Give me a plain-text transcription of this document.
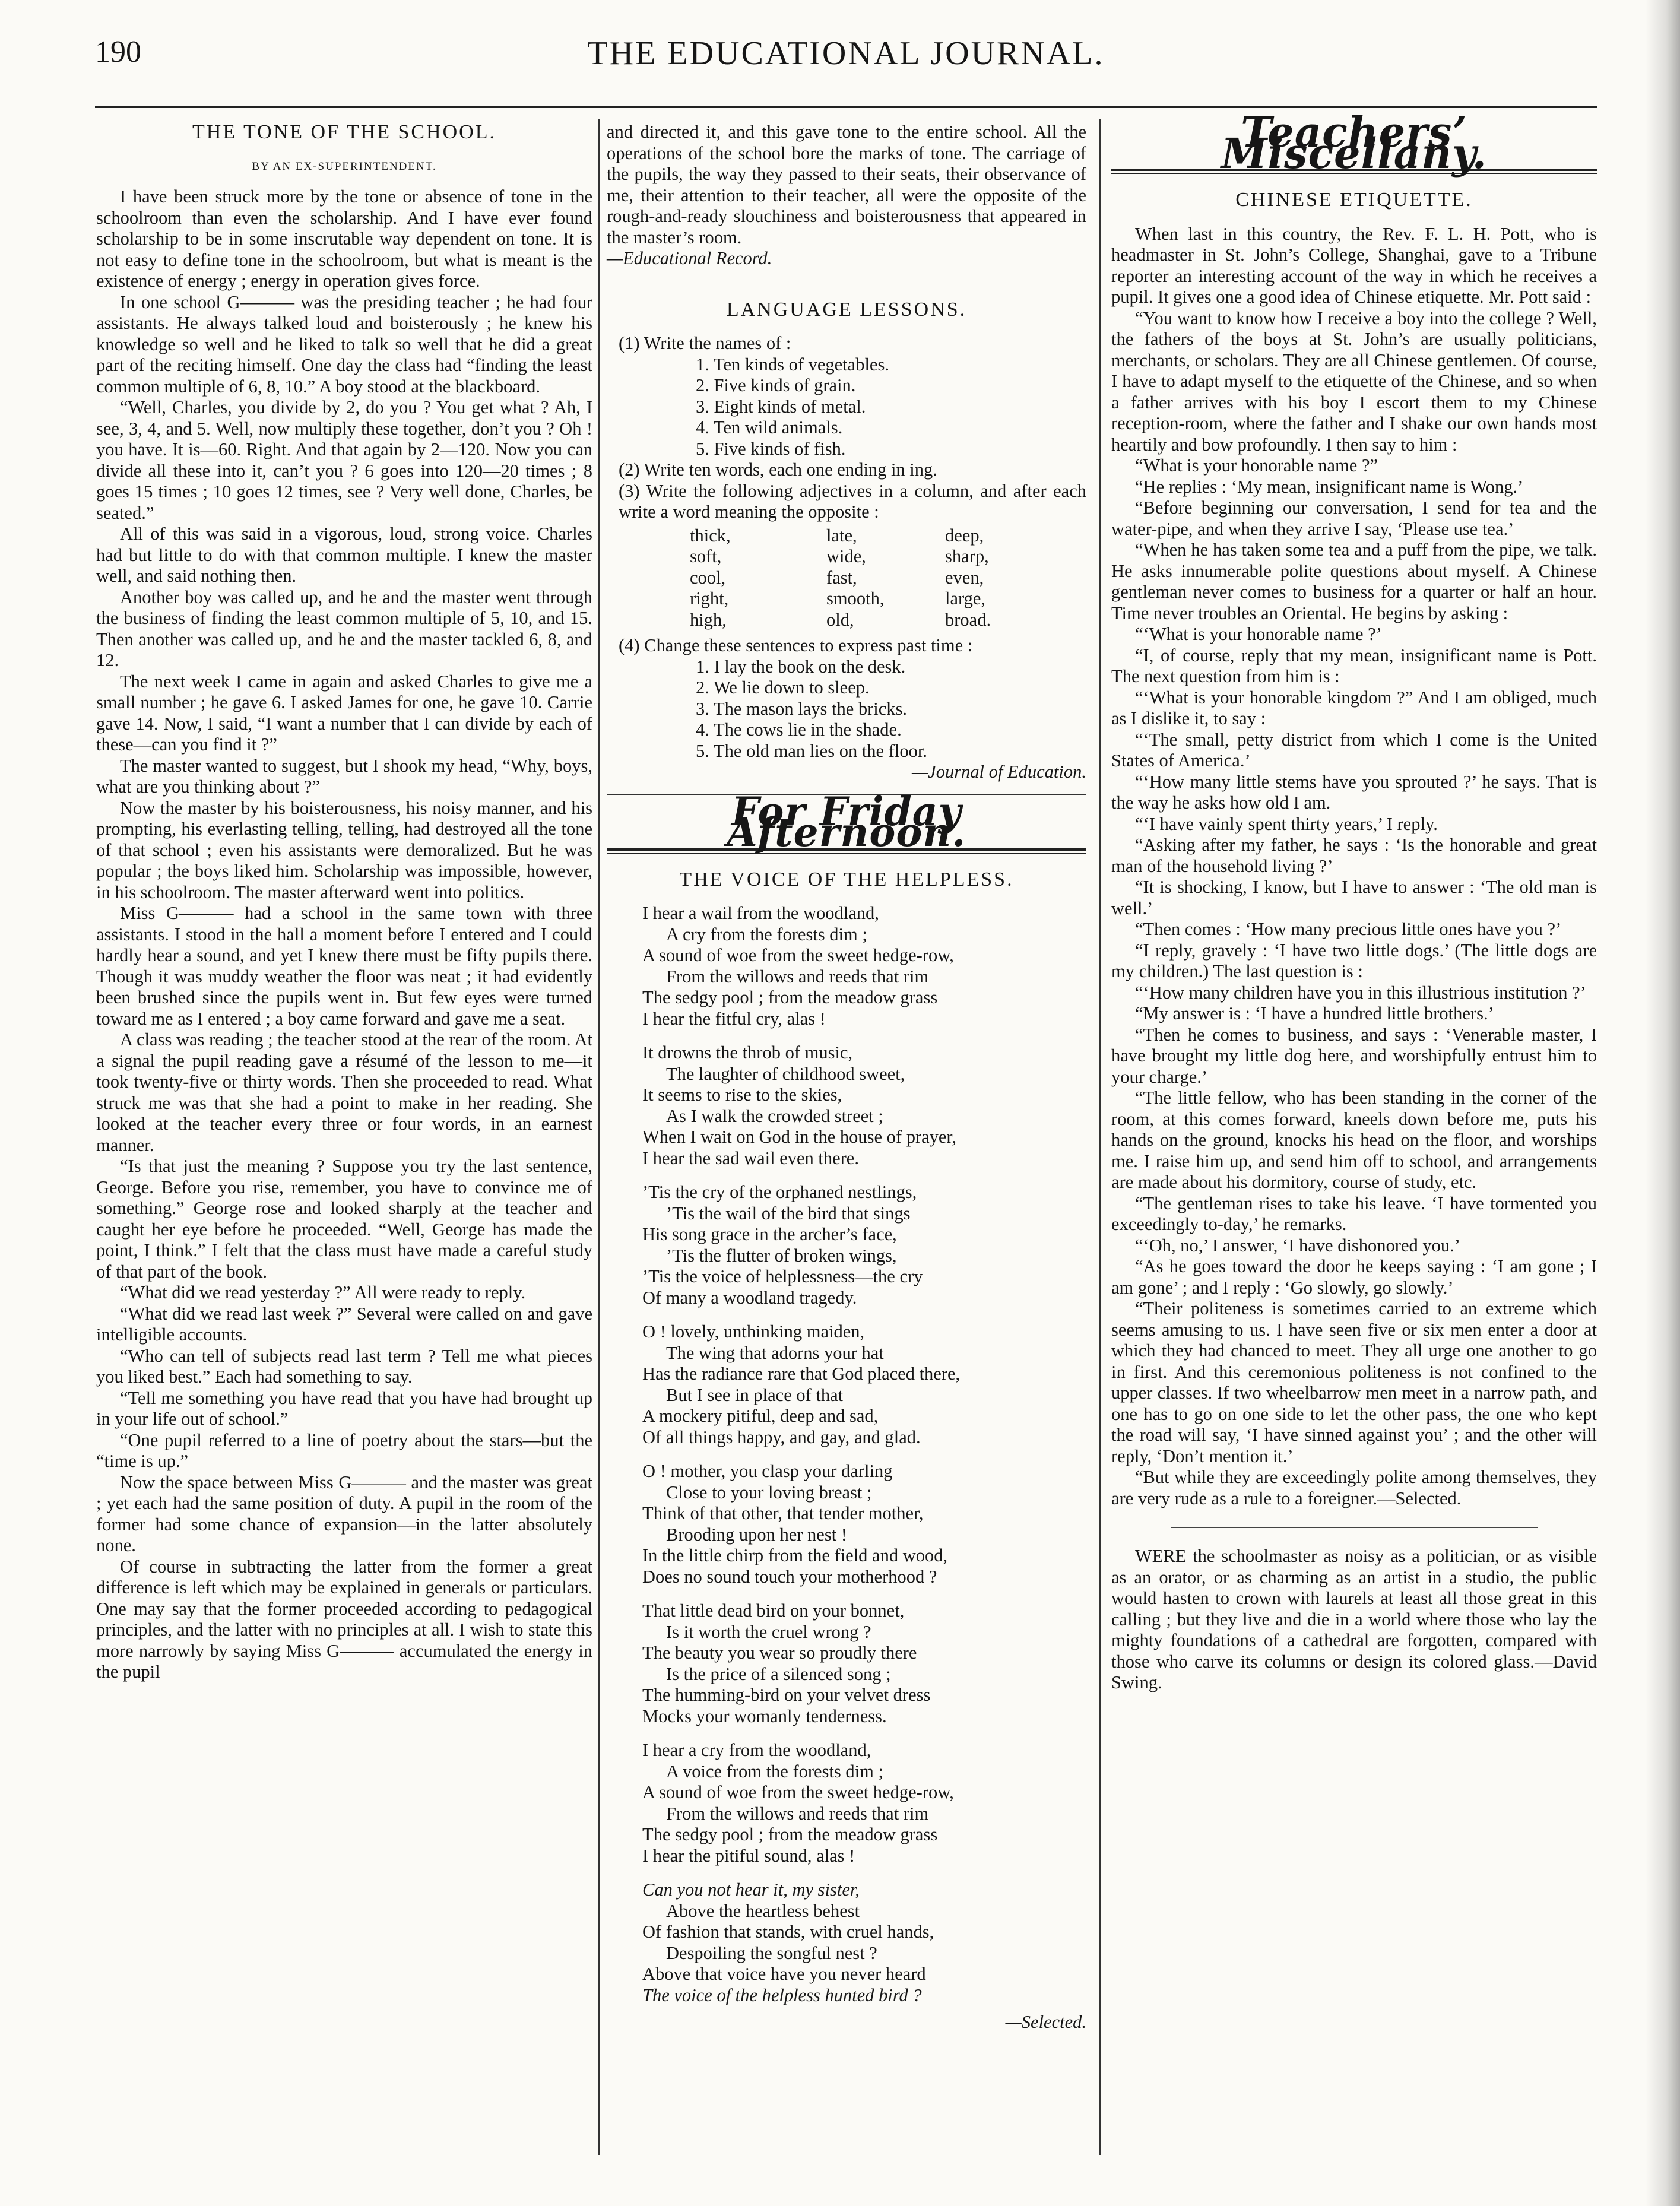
190	THE EDUCATIONAL JOURNAL.
THE TONE OF THE SCHOOL.
BY AN EX-SUPERINTENDENT.

I have been struck more by the tone or absence of tone in the schoolroom than even the scholarship. And I have ever found scholarship to be in some inscrutable way dependent on tone. It is not easy to define tone in the schoolroom, but what is meant is the existence of energy ; energy in operation gives force.

In one school G——— was the presiding teacher ; he had four assistants. He always talked loud and boisterously ; he knew his knowledge so well and he liked to talk so well that he did a great part of the reciting himself. One day the class had “finding the least common multiple of 6, 8, 10.” A boy stood at the blackboard.

“Well, Charles, you divide by 2, do you ? You get what ? Ah, I see, 3, 4, and 5. Well, now multiply these together, don’t you ? Oh ! you have. It is—60. Right. And that again by 2—120. Now you can divide all these into it, can’t you ? 6 goes into 120—20 times ; 8 goes 15 times ; 10 goes 12 times, see ? Very well done, Charles, be seated.”

All of this was said in a vigorous, loud, strong voice. Charles had but little to do with that common multiple. I knew the master well, and said nothing then.

Another boy was called up, and he and the master went through the business of finding the least common multiple of 5, 10, and 15. Then another was called up, and he and the master tackled 6, 8, and 12.

The next week I came in again and asked Charles to give me a small number ; he gave 6. I asked James for one, he gave 10. Carrie gave 14. Now, I said, “I want a number that I can divide by each of these—can you find it ?”

The master wanted to suggest, but I shook my head, “Why, boys, what are you thinking about ?”

Now the master by his boisterousness, his noisy manner, and his prompting, his everlasting telling, telling, had destroyed all the tone of that school ; even his assistants were demoralized. But he was popular ; the boys liked him. Scholarship was impossible, however, in his schoolroom. The master afterward went into politics.

Miss G——— had a school in the same town with three assistants. I stood in the hall a moment before I entered and I could hardly hear a sound, and yet I knew there must be fifty pupils there. Though it was muddy weather the floor was neat ; it had evidently been brushed since the pupils went in. But few eyes were turned toward me as I entered ; a boy came forward and gave me a seat.

A class was reading ; the teacher stood at the rear of the room. At a signal the pupil reading gave a résumé of the lesson to me—it took twenty-five or thirty words. Then she proceeded to read. What struck me was that she had a point to make in her reading. She looked at the teacher every three or four words, in an earnest manner.

“Is that just the meaning ? Suppose you try the last sentence, George. Before you rise, remember, you have to convince me of something.” George rose and looked sharply at the teacher and caught her eye before he proceeded. “Well, George has made the point, I think.” I felt that the class must have made a careful study of that part of the book.

“What did we read yesterday ?” All were ready to reply.

“What did we read last week ?” Several were called on and gave intelligible accounts.

“Who can tell of subjects read last term ? Tell me what pieces you liked best.” Each had something to say.

“Tell me something you have read that you have had brought up in your life out of school.”

“One pupil referred to a line of poetry about the stars—but the “time is up.”

Now the space between Miss G——— and the master was great ; yet each had the same position of duty. A pupil in the room of the former had some chance of expansion—in the latter absolutely none.

Of course in subtracting the latter from the former a great difference is left which may be explained in generals or particulars. One may say that the former proceeded according to pedagogical principles, and the latter with no principles at all. I wish to state this more narrowly by saying Miss G——— accumulated the energy in the pupil

and directed it, and this gave tone to the entire school. All the operations of the school bore the marks of tone. The carriage of the pupils, the way they passed to their seats, their observance of me, their attention to their teacher, all were the opposite of the rough-and-ready slouchiness and boisterousness that appeared in the master’s room.

—Educational Record.

LANGUAGE LESSONS.

(1) Write the names of :

1. Ten kinds of vegetables.
2. Five kinds of grain.
3. Eight kinds of metal.
4. Ten wild animals.
5. Five kinds of fish.

(2) Write ten words, each one ending in ing.

(3) Write the following adjectives in a column, and after each write a word meaning the opposite :

thick,	late,	deep,
soft,	wide,	sharp,
cool,	fast,	even,
right,	smooth,	large,
high,	old,	broad.

(4) Change these sentences to express past time :

1. I lay the book on the desk.
2. We lie down to sleep.
3. The mason lays the bricks.
4. The cows lie in the shade.
5. The old man lies on the floor.

—Journal of Education.

For Friday Afternoon.
THE VOICE OF THE HELPLESS.
I hear a wail from the woodland,
A cry from the forests dim ;
A sound of woe from the sweet hedge-row,
From the willows and reeds that rim
The sedgy pool ; from the meadow grass
I hear the fitful cry, alas !
It drowns the throb of music,
The laughter of childhood sweet,
It seems to rise to the skies,
As I walk the crowded street ;
When I wait on God in the house of prayer,
I hear the sad wail even there.
’Tis the cry of the orphaned nestlings,
’Tis the wail of the bird that sings
His song grace in the archer’s face,
’Tis the flutter of broken wings,
’Tis the voice of helplessness—the cry
Of many a woodland tragedy.
O ! lovely, unthinking maiden,
The wing that adorns your hat
Has the radiance rare that God placed there,
But I see in place of that
A mockery pitiful, deep and sad,
Of all things happy, and gay, and glad.
O ! mother, you clasp your darling
Close to your loving breast ;
Think of that other, that tender mother,
Brooding upon her nest !
In the little chirp from the field and wood,
Does no sound touch your motherhood ?
That little dead bird on your bonnet,
Is it worth the cruel wrong ?
The beauty you wear so proudly there
Is the price of a silenced song ;
The humming-bird on your velvet dress
Mocks your womanly tenderness.
I hear a cry from the woodland,
A voice from the forests dim ;
A sound of woe from the sweet hedge-row,
From the willows and reeds that rim
The sedgy pool ; from the meadow grass
I hear the pitiful sound, alas !
Can you not hear it, my sister,
Above the heartless behest
Of fashion that stands, with cruel hands,
Despoiling the songful nest ?
Above that voice have you never heard
The voice of the helpless hunted bird ?

—Selected.

Teachers’ Miscellany.
CHINESE ETIQUETTE.

When last in this country, the Rev. F. L. H. Pott, who is headmaster in St. John’s College, Shanghai, gave to a Tribune reporter an interesting account of the way in which he receives a pupil. It gives one a good idea of Chinese etiquette. Mr. Pott said :

“You want to know how I receive a boy into the college ? Well, the fathers of the boys at St. John’s are usually politicians, merchants, or scholars. They are all Chinese gentlemen. Of course, I have to adapt myself to the etiquette of the Chinese, and so when a father arrives with his boy I escort them to my Chinese reception-room, where the father and I shake our own hands most heartily and bow profoundly. I then say to him :

“What is your honorable name ?”

“He replies : ‘My mean, insignificant name is Wong.’

“Before beginning our conversation, I send for tea and the water-pipe, and when they arrive I say, ‘Please use tea.’

“When he has taken some tea and a puff from the pipe, we talk. He asks innumerable polite questions about myself. A Chinese gentleman never comes to business for a quarter or half an hour. Time never troubles an Oriental. He begins by asking :

“‘What is your honorable name ?’

“I, of course, reply that my mean, insignificant name is Pott. The next question from him is :

“‘What is your honorable kingdom ?” And I am obliged, much as I dislike it, to say :

“‘The small, petty district from which I come is the United States of America.’

“‘How many little stems have you sprouted ?’ he says. That is the way he asks how old I am.

“‘I have vainly spent thirty years,’ I reply.

“Asking after my father, he says : ‘Is the honorable and great man of the household living ?’

“It is shocking, I know, but I have to answer : ‘The old man is well.’

“Then comes : ‘How many precious little ones have you ?’

“I reply, gravely : ‘I have two little dogs.’ (The little dogs are my children.) The last question is :

“‘How many children have you in this illustrious institution ?’

“My answer is : ‘I have a hundred little brothers.’

“Then he comes to business, and says : ‘Venerable master, I have brought my little dog here, and worshipfully entrust him to your charge.’

“The little fellow, who has been standing in the corner of the room, at this comes forward, kneels down before me, puts his hands on the ground, knocks his head on the floor, and worships me. I raise him up, and send him off to school, and arrangements are made about his dormitory, course of study, etc.

“The gentleman rises to take his leave. ‘I have tormented you exceedingly to-day,’ he remarks.

“‘Oh, no,’ I answer, ‘I have dishonored you.’

“As he goes toward the door he keeps saying : ‘I am gone ; I am gone’ ; and I reply : ‘Go slowly, go slowly.’

“Their politeness is sometimes carried to an extreme which seems amusing to us. I have seen five or six men enter a door at which they had chanced to meet. They all urge one another to go in first. And this ceremonious politeness is not confined to the upper classes. If two wheelbarrow men meet in a narrow path, and one has to go on one side to let the other pass, the one who kept the road will say, ‘I have sinned against you’ ; and the other will reply, ‘Don’t mention it.’

“But while they are exceedingly polite among themselves, they are very rude as a rule to a foreigner.—Selected.

WERE the schoolmaster as noisy as a politician, or as visible as an orator, or as charming as an artist in a studio, the public would hasten to crown with laurels at least all those great in this calling ; but they live and die in a world where those who lay the mighty foundations of a cathedral are forgotten, compared with those who carve its columns or design its colored glass.—David Swing.
